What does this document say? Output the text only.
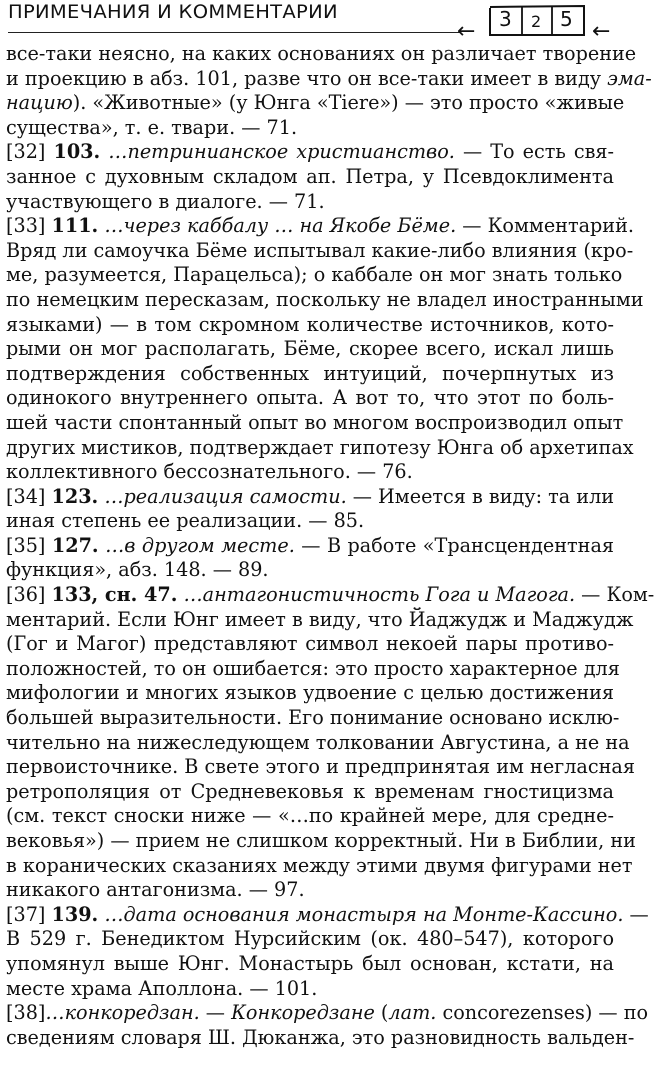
ПРИМЕЧАНИЯ И КОММЕНТАРИИ
← 3 2 5 ←

все-таки неясно, на каких основаниях он различает творение
и проекцию в абз. 101, разве что он все-таки имеет в виду эма-
нацию). «Животные» (у Юнга «Tiere») — это просто «живые
существа», т. е. твари. — 71.

[32] 103. …петринианское христианство. — То есть свя-
занное с духовным складом ап. Петра, у Псевдоклимента
участвующего в диалоге. — 71.

[33] 111. …через каббалу … на Якобе Бёме. — Комментарий.
Вряд ли самоучка Бёме испытывал какие-либо влияния (кро-
ме, разумеется, Парацельса); о каббале он мог знать только
по немецким пересказам, поскольку не владел иностранными
языками) — в том скромном количестве источников, кото-
рыми он мог располагать, Бёме, скорее всего, искал лишь
подтверждения собственных интуиций, почерпнутых из
одинокого внутреннего опыта. А вот то, что этот по боль-
шей части спонтанный опыт во многом воспроизводил опыт
других мистиков, подтверждает гипотезу Юнга об архетипах
коллективного бессознательного. — 76.

[34] 123. …реализация самости. — Имеется в виду: та или
иная степень ее реализации. — 85.

[35] 127. …в другом месте. — В работе «Трансцендентная
функция», абз. 148. — 89.

[36] 133, сн. 47. …антагонистичность Гога и Магога. — Ком-
ментарий. Если Юнг имеет в виду, что Йаджудж и Маджудж
(Гог и Магог) представляют символ некоей пары противо-
положностей, то он ошибается: это просто характерное для
мифологии и многих языков удвоение с целью достижения
большей выразительности. Его понимание основано исклю-
чительно на нижеследующем толковании Августина, а не на
первоисточнике. В свете этого и предпринятая им негласная
ретрополяция от Средневековья к временам гностицизма
(см. текст сноски ниже — «…по крайней мере, для средне-
вековья») — прием не слишком корректный. Ни в Библии, ни
в коранических сказаниях между этими двумя фигурами нет
никакого антагонизма. — 97.

[37] 139. …дата основания монастыря на Монте-Кассино. —
В 529 г. Бенедиктом Нурсийским (ок. 480–547), которого
упомянул выше Юнг. Монастырь был основан, кстати, на
месте храма Аполлона. — 101.

[38]…конкоредзан. — Конкоредзане (лат. concorezenses) — по
сведениям словаря Ш. Дюканжа, это разновидность вальден-
